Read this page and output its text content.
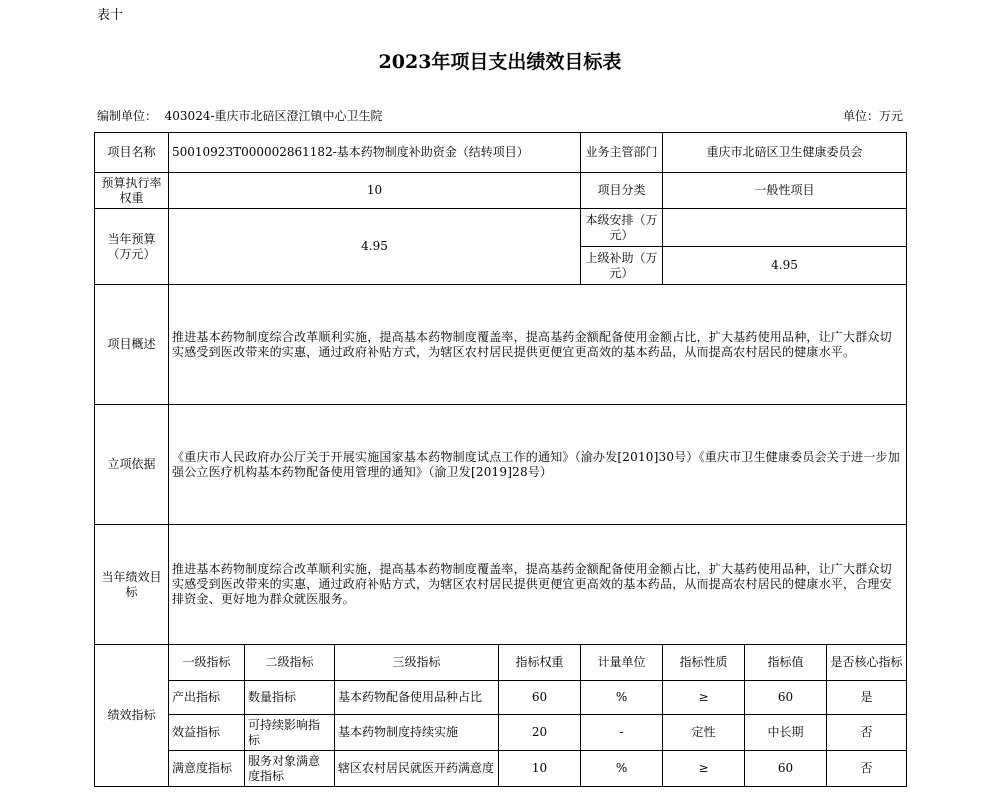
表十
2023年项目支出绩效目标表
编制单位： 403024-重庆市北碚区澄江镇中心卫生院	单位：万元
项目名称	50010923T000002861182-基本药物制度补助资金（结转项目）				业务主管部门	重庆市北碚区卫生健康委员会		
预算执行率权重	10				项目分类	一般性项目		
当年预算（万元）	4.95				本级安排（万元）			
					上级补助（万元）	4.95		
项目概述	推进基本药物制度综合改革顺利实施，提高基本药物制度覆盖率，提高基药金额配备使用金额占比，扩大基药使用品种，让广大群众切实感受到医改带来的实惠，通过政府补贴方式，为辖区农村居民提供更便宜更高效的基本药品，从而提高农村居民的健康水平。							
立项依据	《重庆市人民政府办公厅关于开展实施国家基本药物制度试点工作的通知》（渝办发[2010]30号）《重庆市卫生健康委员会关于进一步加强公立医疗机构基本药物配备使用管理的通知》（渝卫发[2019]28号）							
当年绩效目标	推进基本药物制度综合改革顺利实施，提高基本药物制度覆盖率，提高基药金额配备使用金额占比，扩大基药使用品种，让广大群众切实感受到医改带来的实惠，通过政府补贴方式，为辖区农村居民提供更便宜更高效的基本药品，从而提高农村居民的健康水平，合理安排资金、更好地为群众就医服务。							
绩效指标	一级指标	二级指标	三级指标	指标权重	计量单位	指标性质	指标值	是否核心指标
	产出指标	数量指标	基本药物配备使用品种占比	60	%	≥	60	是
	效益指标	可持续影响指标	基本药物制度持续实施	20	-	定性	中长期	否
	满意度指标	服务对象满意度指标	辖区农村居民就医开药满意度	10	%	≥	60	否
